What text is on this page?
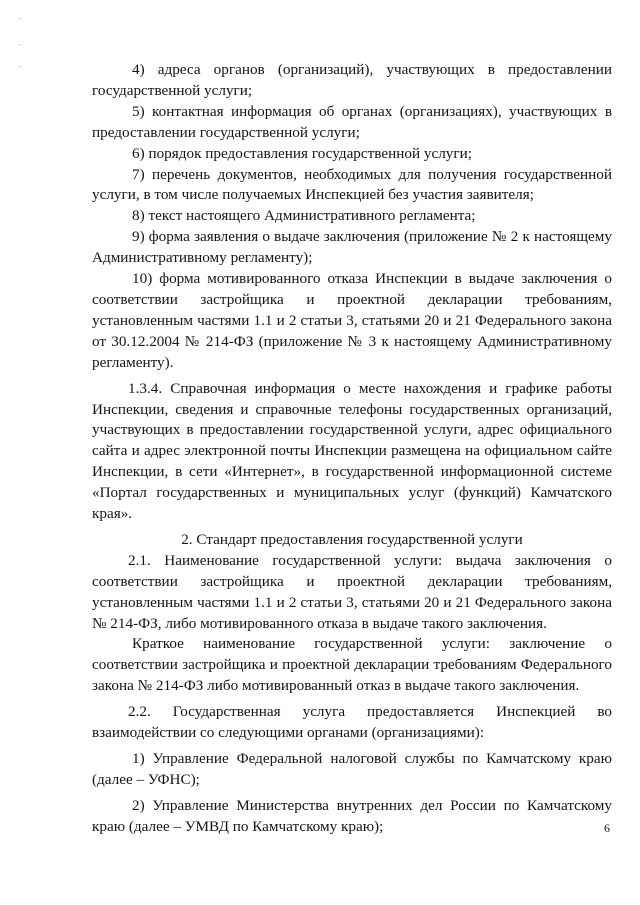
4) адреса органов (организаций), участвующих в предоставлении государственной услуги;

5) контактная информация об органах (организациях), участвующих в предоставлении государственной услуги;

6) порядок предоставления государственной услуги;

7) перечень документов, необходимых для получения государственной услуги, в том числе получаемых Инспекцией без участия заявителя;

8) текст настоящего Административного регламента;

9) форма заявления о выдаче заключения (приложение № 2 к настоящему Административному регламенту);

10) форма мотивированного отказа Инспекции в выдаче заключения о соответствии застройщика и проектной декларации требованиям, установленным частями 1.1 и 2 статьи 3, статьями 20 и 21 Федерального закона от 30.12.2004 № 214-ФЗ (приложение № 3 к настоящему Административному регламенту).

1.3.4. Справочная информация о месте нахождения и графике работы Инспекции, сведения и справочные телефоны государственных организаций, участвующих в предоставлении государственной услуги, адрес официального сайта и адрес электронной почты Инспекции размещена на официальном сайте Инспекции, в сети «Интернет», в государственной информационной системе «Портал государственных и муниципальных услуг (функций) Камчатского края».

2. Стандарт предоставления государственной услуги

2.1. Наименование государственной услуги: выдача заключения о соответствии застройщика и проектной декларации требованиям, установленным частями 1.1 и 2 статьи 3, статьями 20 и 21 Федерального закона № 214-ФЗ, либо мотивированного отказа в выдаче такого заключения.

Краткое наименование государственной услуги: заключение о соответствии застройщика и проектной декларации требованиям Федерального закона № 214-ФЗ либо мотивированный отказ в выдаче такого заключения.

2.2. Государственная услуга предоставляется Инспекцией во взаимодействии со следующими органами (организациями):

1) Управление Федеральной налоговой службы по Камчатскому краю (далее – УФНС);

2) Управление Министерства внутренних дел России по Камчатскому краю (далее – УМВД по Камчатскому краю);	6
